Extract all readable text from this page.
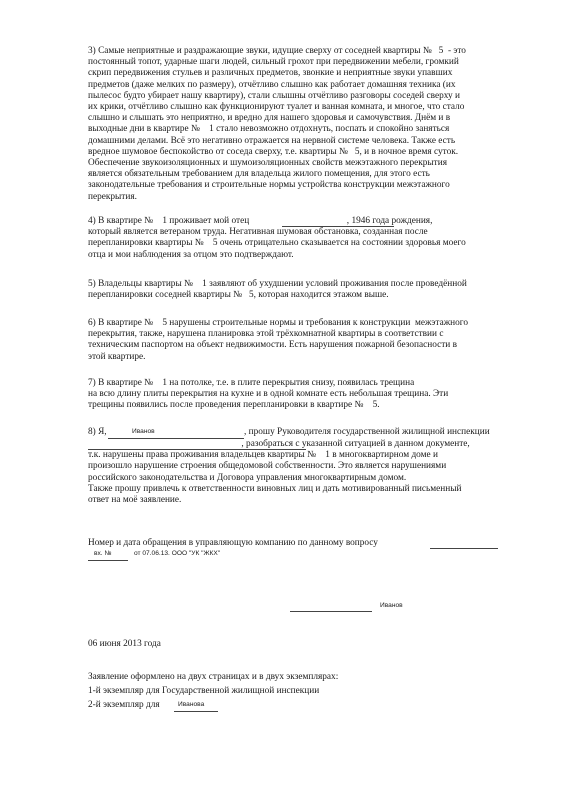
3) Самые неприятные и раздражающие звуки, идущие сверху от соседней квартиры №   5  - это
постоянный топот, ударные шаги людей, сильный грохот при передвижении мебели, громкий
скрип передвижения стульев и различных предметов, звонкие и неприятные звуки упавших
предметов (даже мелких по размеру), отчётливо слышно как работает домашняя техника (их
пылесос будто убирает нашу квартиру), стали слышны отчётливо разговоры соседей сверху и
их крики, отчётливо слышно как функционируют туалет и ванная комната, и многое, что стало
слышно и слышать это неприятно, и вредно для нашего здоровья и самочувствия. Днём и в
выходные дни в квартире №    1 стало невозможно отдохнуть, поспать и спокойно заняться
домашними делами. Всё это негативно отражается на нервной системе человека. Также есть
вредное шумовое беспокойство от соседа сверху, т.е. квартиры №   5, и в ночное время суток.
Обеспечение звукоизоляционных и шумоизоляционных свойств межэтажного перекрытия
является обязательным требованием для владельца жилого помещения, для этого есть
законодательные требования и строительные нормы устройства конструкции межэтажного
перекрытия.
4) В квартире №    1 проживает мой отец                                          , 1946 года рождения,
который является ветераном труда. Негативная шумовая обстановка, созданная после
перепланировки квартиры №    5 очень отрицательно сказывается на состоянии здоровья моего
отца и мои наблюдения за отцом это подтверждают.
5) Владельцы квартиры №    1 заявляют об ухудшении условий проживания после проведённой
перепланировки соседней квартиры №   5, которая находится этажом выше.
6) В квартире №    5 нарушены строительные нормы и требования к конструкции  межэтажного
перекрытия, также, нарушена планировка этой трёхкомнатной квартиры в соответствии с
техническим паспортом на объект недвижимости. Есть нарушения пожарной безопасности в
этой квартире.
7) В квартире №    1 на потолке, т.е. в плите перекрытия снизу, появилась трещина
на всю длину плиты перекрытия на кухне и в одной комнате есть небольшая трещина. Эти
трещины появились после проведения перепланировки в квартире №    5.
8) Я,	Иванов	, прошу Руководителя государственной жилищной инспекции
, разобраться с указанной ситуацией в данном документе,
т.к. нарушены права проживания владельцев квартиры №    1 в многоквартирном доме и
произошло нарушение строения общедомовой собственности. Это является нарушениями
российского законодательства и Договора управления многоквартирным домом.
Также прошу привлечь к ответственности виновных лиц и дать мотивированный письменный
ответ на моё заявление.
Номер и дата обращения в управляющую компанию по данному вопросу
вх. №	от 07.06.13. ООО "УК "ЖКХ"
Иванов
06 июня 2013 года
Заявление оформлено на двух страницах и в двух экземплярах:
1-й экземпляр для Государственной жилищной инспекции
2-й экземпляр для	Иванова
